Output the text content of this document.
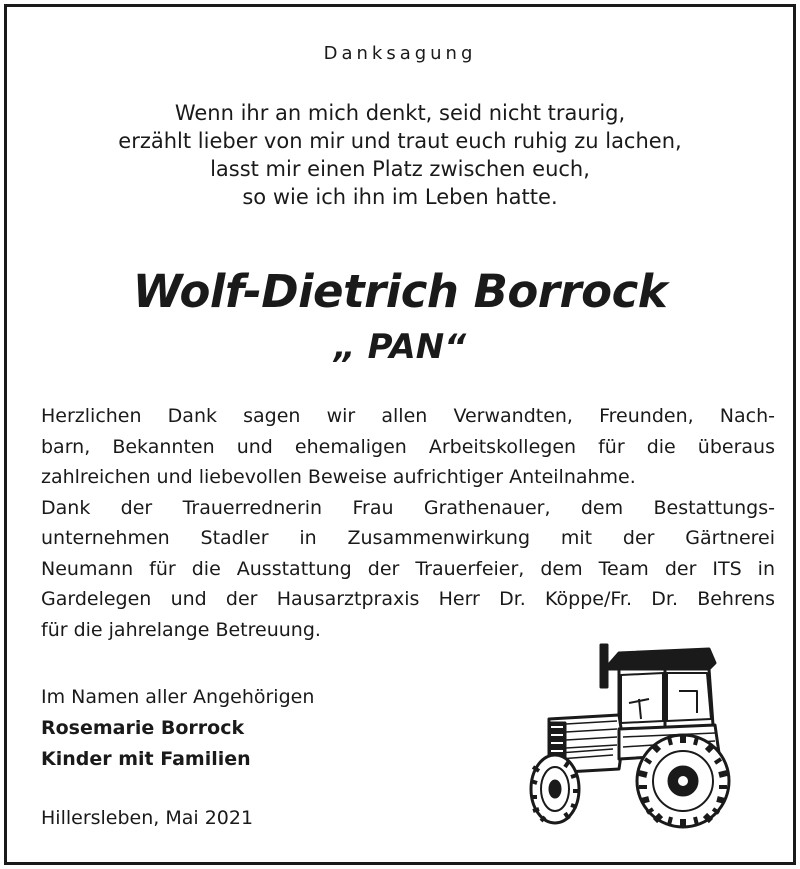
Danksagung
Wenn ihr an mich denkt, seid nicht traurig,
erzählt lieber von mir und traut euch ruhig zu lachen,
lasst mir einen Platz zwischen euch,
so wie ich ihn im Leben hatte.
Wolf-Dietrich Borrock
„ PAN“
Herzlichen Dank sagen wir allen Verwandten, Freunden, Nach-
barn, Bekannten und ehemaligen Arbeitskollegen für die überaus
zahlreichen und liebevollen Beweise aufrichtiger Anteilnahme.
Dank der Trauerrednerin Frau Grathenauer, dem Bestattungs-
unternehmen Stadler in Zusammenwirkung mit der Gärtnerei
Neumann für die Ausstattung der Trauerfeier, dem Team der ITS in
Gardelegen und der Hausarztpraxis Herr Dr. Köppe/Fr. Dr. Behrens
für die jahrelange Betreuung.
Im Namen aller Angehörigen
Rosemarie Borrock
Kinder mit Familien
Hillersleben, Mai 2021
